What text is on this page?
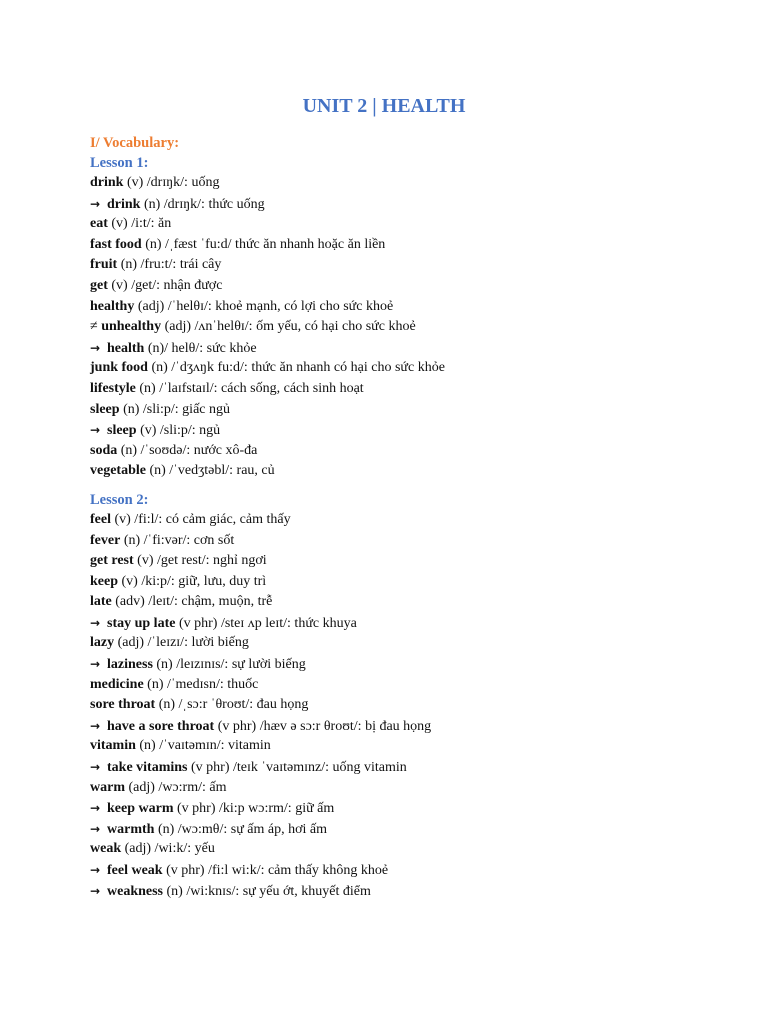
UNIT 2 | HEALTH
I/ Vocabulary:
Lesson 1:
drink (v) /drɪŋk/: uống
→ drink (n) /drɪŋk/: thức uống
eat (v) /i:t/: ăn
fast food (n) /ˌfæst ˈfu:d/ thức ăn nhanh hoặc ăn liền
fruit (n) /fru:t/: trái cây
get (v) /get/: nhận được
healthy (adj) /ˈhelθɪ/: khoẻ mạnh, có lợi cho sức khoẻ
≠ unhealthy (adj) /ʌnˈhelθɪ/: ốm yếu, có hại cho sức khoẻ
→ health (n)/ helθ/: sức khỏe
junk food (n) /ˈdʒʌŋk fu:d/: thức ăn nhanh có hại cho sức khỏe
lifestyle (n) /ˈlaɪfstaɪl/: cách sống, cách sinh hoạt
sleep (n) /sli:p/: giấc ngủ
→ sleep (v) /sli:p/: ngủ
soda (n) /ˈsoʊdə/: nước xô-đa
vegetable (n) /ˈvedʒtəbl/: rau, củ
Lesson 2:
feel (v) /fi:l/: có cảm giác, cảm thấy
fever (n) /ˈfi:vər/: cơn sốt
get rest (v) /get rest/: nghỉ ngơi
keep (v) /ki:p/: giữ, lưu, duy trì
late (adv) /leɪt/: chậm, muộn, trễ
→ stay up late (v phr) /steɪ ʌp leɪt/: thức khuya
lazy (adj) /ˈleɪzɪ/: lười biếng
→ laziness (n) /leɪzɪnɪs/: sự lười biếng
medicine (n) /ˈmedɪsn/: thuốc
sore throat (n) /ˌsɔ:r ˈθroʊt/: đau họng
→ have a sore throat (v phr) /hæv ə sɔ:r θroʊt/: bị đau họng
vitamin (n) /ˈvaɪtəmɪn/: vitamin
→ take vitamins (v phr) /teɪk ˈvaɪtəmɪnz/: uống vitamin
warm (adj) /wɔ:rm/: ấm
→ keep warm (v phr) /ki:p wɔ:rm/: giữ ấm
→ warmth (n) /wɔ:mθ/: sự ấm áp, hơi ấm
weak (adj) /wi:k/: yếu
→ feel weak (v phr) /fi:l wi:k/: cảm thấy không khoẻ
→ weakness (n) /wi:knɪs/: sự yếu ớt, khuyết điểm
